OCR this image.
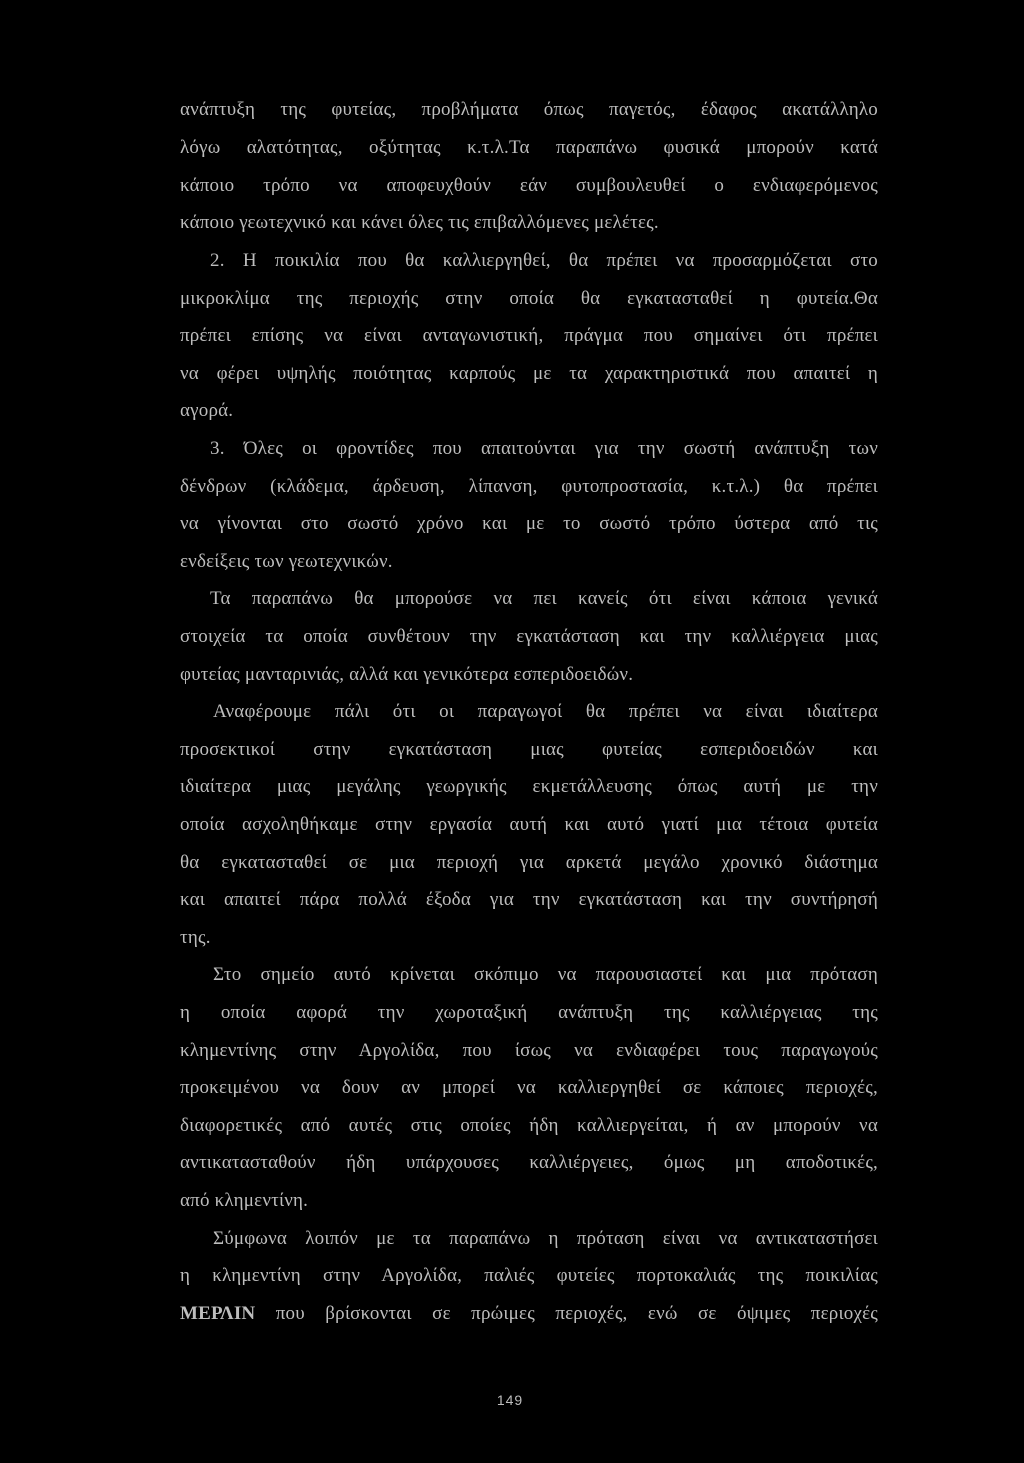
ανάπτυξη της φυτείας, προβλήματα όπως παγετός, έδαφος ακατάλληλο
λόγω αλατότητας, οξύτητας κ.τ.λ.Τα παραπάνω φυσικά μπορούν κατά
κάποιο τρόπο να αποφευχθούν εάν συμβουλευθεί ο ενδιαφερόμενος
κάποιο γεωτεχνικό και κάνει όλες τις επιβαλλόμενες μελέτες.
2. Η ποικιλία που θα καλλιεργηθεί, θα πρέπει να προσαρμόζεται στο
μικροκλίμα της περιοχής στην οποία θα εγκατασταθεί η φυτεία.Θα
πρέπει επίσης να είναι ανταγωνιστική, πράγμα που σημαίνει ότι πρέπει
να φέρει υψηλής ποιότητας καρπούς με τα χαρακτηριστικά που απαιτεί η
αγορά.
3. Όλες οι φροντίδες που απαιτούνται για την σωστή ανάπτυξη των
δένδρων (κλάδεμα, άρδευση, λίπανση, φυτοπροστασία, κ.τ.λ.) θα πρέπει
να γίνονται στο σωστό χρόνο και με το σωστό τρόπο ύστερα από τις
ενδείξεις των γεωτεχνικών.
Τα παραπάνω θα μπορούσε να πει κανείς ότι είναι κάποια γενικά
στοιχεία τα οποία συνθέτουν την εγκατάσταση και την καλλιέργεια μιας
φυτείας μανταρινιάς, αλλά και γενικότερα εσπεριδοειδών.
Αναφέρουμε πάλι ότι οι παραγωγοί θα πρέπει να είναι ιδιαίτερα
προσεκτικοί στην εγκατάσταση μιας φυτείας εσπεριδοειδών και
ιδιαίτερα μιας μεγάλης γεωργικής εκμετάλλευσης όπως αυτή με την
οποία ασχοληθήκαμε στην εργασία αυτή και αυτό γιατί μια τέτοια φυτεία
θα εγκατασταθεί σε μια περιοχή για αρκετά μεγάλο χρονικό διάστημα
και απαιτεί πάρα πολλά έξοδα για την εγκατάσταση και την συντήρησή
της.
Στο σημείο αυτό κρίνεται σκόπιμο να παρουσιαστεί και μια πρόταση
η οποία αφορά την χωροταξική ανάπτυξη της καλλιέργειας της
κλημεντίνης στην Αργολίδα, που ίσως να ενδιαφέρει τους παραγωγούς
προκειμένου να δουν αν μπορεί να καλλιεργηθεί σε κάποιες περιοχές,
διαφορετικές από αυτές στις οποίες ήδη καλλιεργείται, ή αν μπορούν να
αντικατασταθούν ήδη υπάρχουσες καλλιέργειες, όμως μη αποδοτικές,
από κλημεντίνη.
Σύμφωνα λοιπόν με τα παραπάνω η πρόταση είναι να αντικαταστήσει
η κλημεντίνη στην Αργολίδα, παλιές φυτείες πορτοκαλιάς της ποικιλίας
ΜΕΡΛΙΝ που βρίσκονται σε πρώιμες περιοχές, ενώ σε όψιμες περιοχές
149
